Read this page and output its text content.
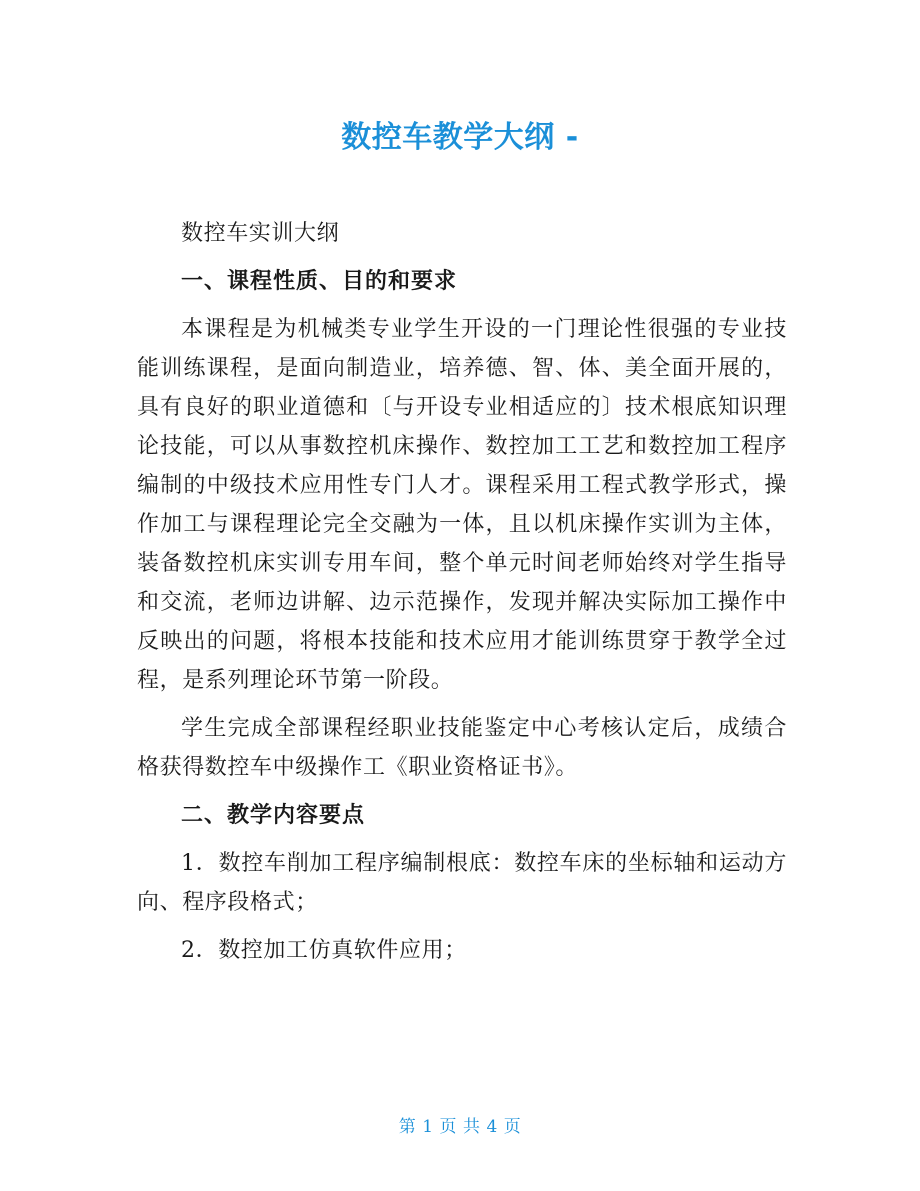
数控车教学大纲 -

数控车实训大纲

一、课程性质、目的和要求

本课程是为机械类专业学生开设的一门理论性很强的专业技能训练课程，是面向制造业，培养德、智、体、美全面开展的，具有良好的职业道德和〔与开设专业相适应的〕技术根底知识理论技能，可以从事数控机床操作、数控加工工艺和数控加工程序编制的中级技术应用性专门人才。课程采用工程式教学形式，操作加工与课程理论完全交融为一体，且以机床操作实训为主体，装备数控机床实训专用车间，整个单元时间老师始终对学生指导和交流，老师边讲解、边示范操作，发现并解决实际加工操作中反映出的问题，将根本技能和技术应用才能训练贯穿于教学全过程，是系列理论环节第一阶段。

学生完成全部课程经职业技能鉴定中心考核认定后，成绩合格获得数控车中级操作工《职业资格证书》。

二、教学内容要点

1．数控车削加工程序编制根底：数控车床的坐标轴和运动方向、程序段格式；

2．数控加工仿真软件应用；

第 1 页 共 4 页
